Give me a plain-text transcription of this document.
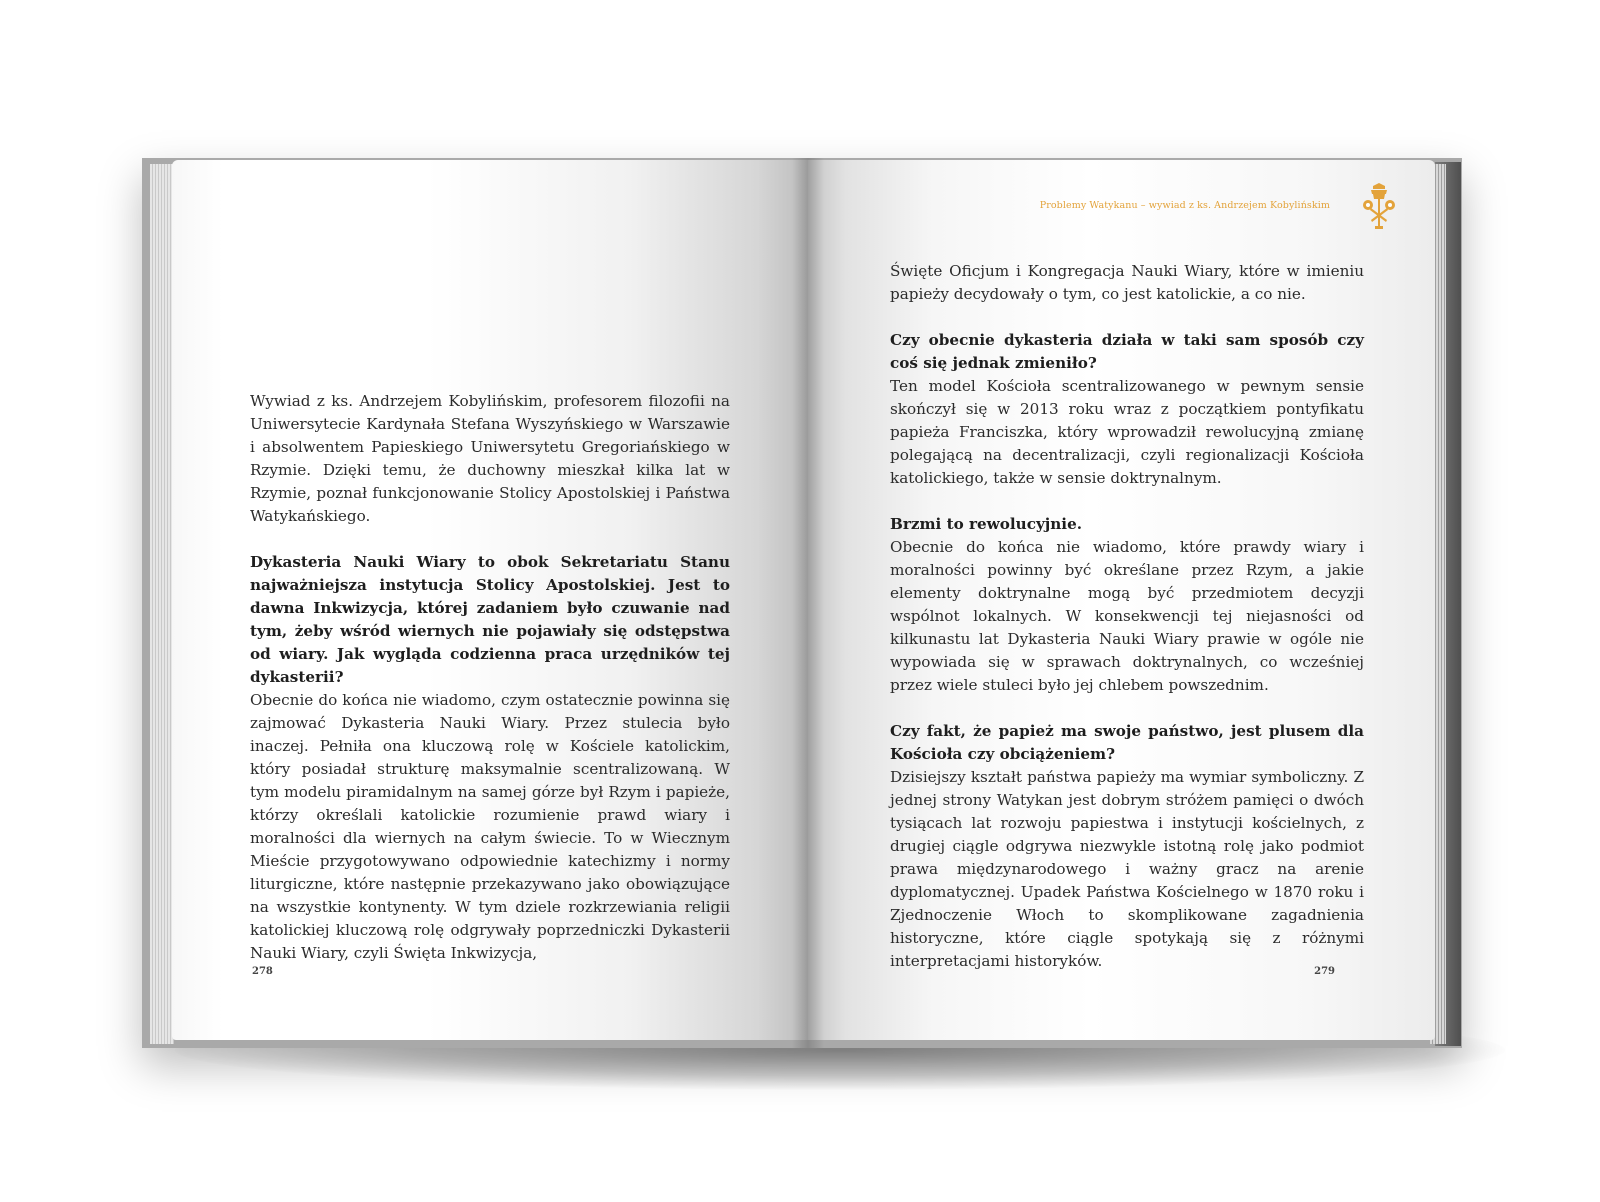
Wywiad z ks. Andrzejem Kobylińskim, profesorem filozofii na Uniwersytecie Kardynała Stefana Wyszyńskiego w Warszawie i absolwentem Papieskiego Uniwersytetu Gregoriańskiego w Rzymie. Dzięki temu, że duchowny mieszkał kilka lat w Rzymie, poznał funkcjonowanie Stolicy Apostolskiej i Państwa Watykańskiego.

Dykasteria Nauki Wiary to obok Sekretariatu Stanu najważniejsza instytucja Stolicy Apostolskiej. Jest to dawna Inkwizycja, której zadaniem było czuwanie nad tym, żeby wśród wiernych nie pojawiały się odstępstwa od wiary. Jak wygląda codzienna praca urzędników tej dykasterii?
Obecnie do końca nie wiadomo, czym ostatecznie powinna się zajmować Dykasteria Nauki Wiary. Przez stulecia było inaczej. Pełniła ona kluczową rolę w Kościele katolickim, który posiadał strukturę maksymalnie scentralizowaną. W tym modelu piramidalnym na samej górze był Rzym i papieże, którzy określali katolickie rozumienie prawd wiary i moralności dla wiernych na całym świecie. To w Wiecznym Mieście przygotowywano odpowiednie katechizmy i normy liturgiczne, które następnie przekazywano jako obowiązujące na wszystkie kontynenty. W tym dziele rozkrzewiania religii katolickiej kluczową rolę odgrywały poprzedniczki Dykasterii Nauki Wiary, czyli Święta Inkwizycja,

278
Problemy Watykanu – wywiad z ks. Andrzejem Kobylińskim

Święte Oficjum i Kongregacja Nauki Wiary, które w imieniu papieży decydowały o tym, co jest katolickie, a co nie.

Czy obecnie dykasteria działa w taki sam sposób czy coś się jednak zmieniło?
Ten model Kościoła scentralizowanego w pewnym sensie skończył się w 2013 roku wraz z początkiem pontyfikatu papieża Franciszka, który wprowadził rewolucyjną zmianę polegającą na decentralizacji, czyli regionalizacji Kościoła katolickiego, także w sensie doktrynalnym.

Brzmi to rewolucyjnie.
Obecnie do końca nie wiadomo, które prawdy wiary i moralności powinny być określane przez Rzym, a jakie elementy doktrynalne mogą być przedmiotem decyzji wspólnot lokalnych. W konsekwencji tej niejasności od kilkunastu lat Dykasteria Nauki Wiary prawie w ogóle nie wypowiada się w sprawach doktrynalnych, co wcześniej przez wiele stuleci było jej chlebem powszednim.

Czy fakt, że papież ma swoje państwo, jest plusem dla Kościoła czy obciążeniem?
Dzisiejszy kształt państwa papieży ma wymiar symboliczny. Z jednej strony Watykan jest dobrym stróżem pamięci o dwóch tysiącach lat rozwoju papiestwa i instytucji kościelnych, z drugiej ciągle odgrywa niezwykle istotną rolę jako podmiot prawa międzynarodowego i ważny gracz na arenie dyplomatycznej. Upadek Państwa Kościelnego w 1870 roku i Zjednoczenie Włoch to skomplikowane zagadnienia historyczne, które ciągle spotykają się z różnymi interpretacjami historyków.

279
